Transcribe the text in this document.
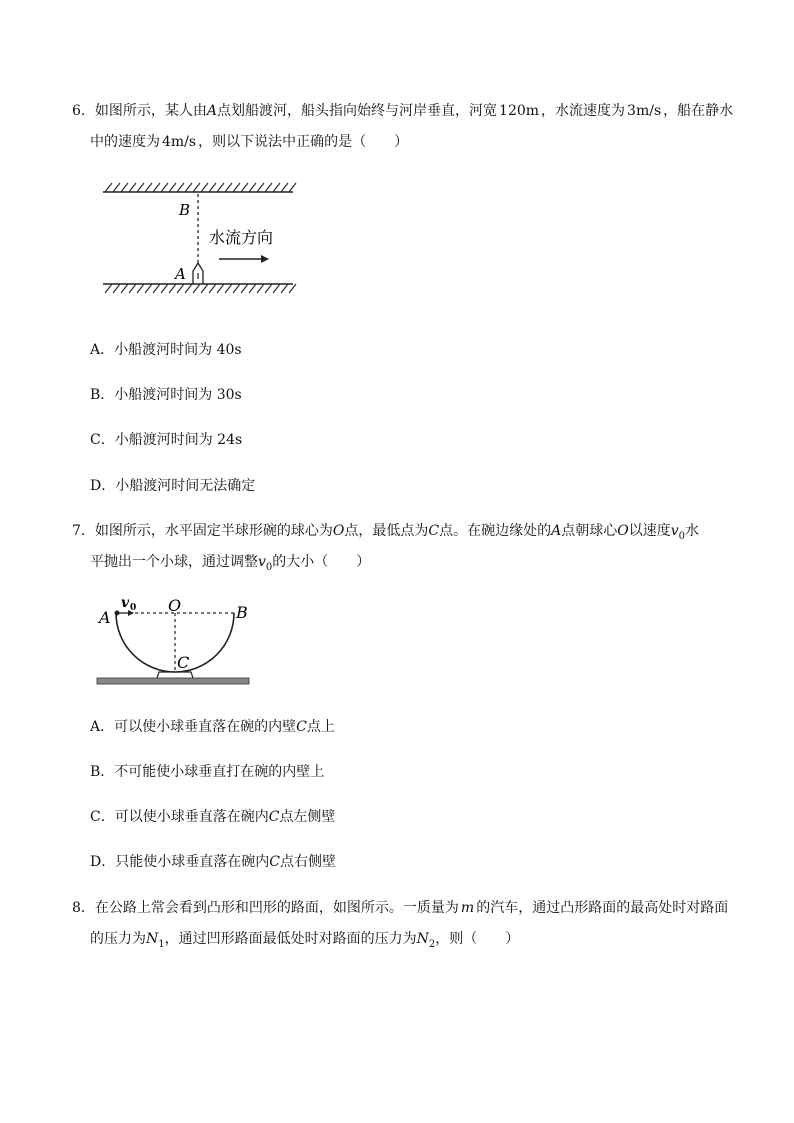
6．如图所示，某人由A点划船渡河，船头指向始终与河岸垂直，河宽 120m ，水流速度为 3m/s ，船在静水
中的速度为 4m/s ，则以下说法中正确的是（　　）
B
A
水流方向
A．小船渡河时间为 40s
B．小船渡河时间为 30s
C．小船渡河时间为 24s
D．小船渡河时间无法确定
7．如图所示，水平固定半球形碗的球心为O点，最低点为C点。在碗边缘处的A点朝球心O以速度$v_0$水
平抛出一个小球，通过调整$v_0$的大小（　　）
A
v 0 O	B
C
A．可以使小球垂直落在碗的内壁C点上
B．不可能使小球垂直打在碗的内壁上
C．可以使小球垂直落在碗内C点左侧壁
D．只能使小球垂直落在碗内C点右侧壁
8．在公路上常会看到凸形和凹形的路面，如图所示。一质量为 m 的汽车，通过凸形路面的最高处时对路面
的压力为$N_1$，通过凹形路面最低处时对路面的压力为$N_2$，则（　　）
